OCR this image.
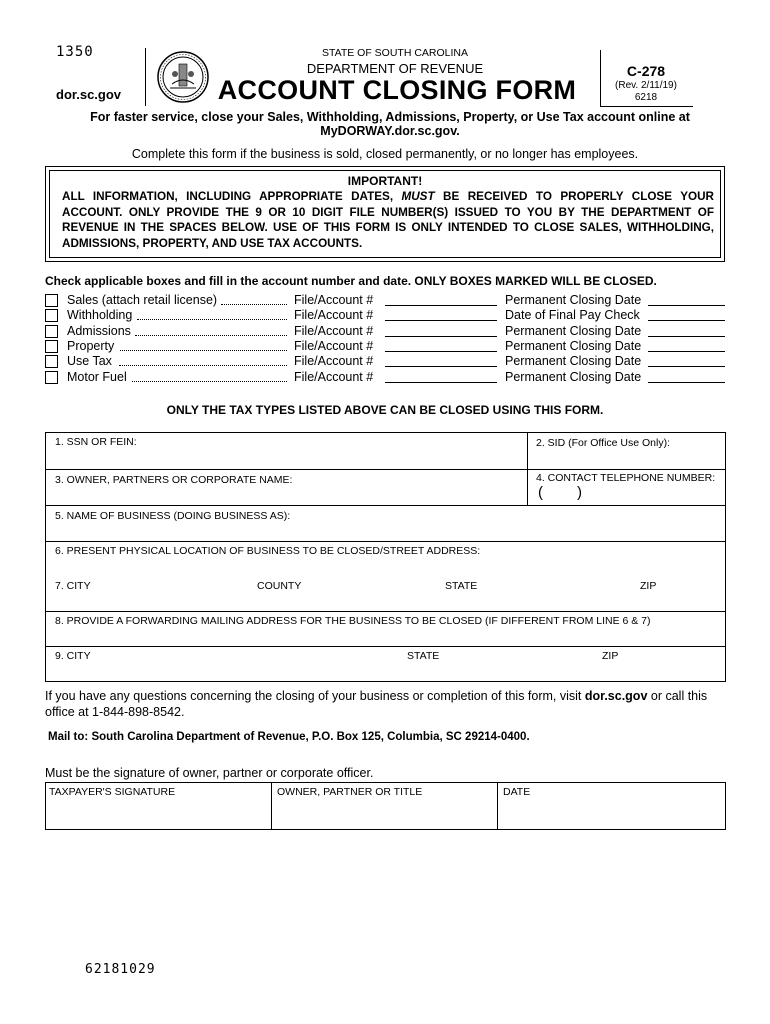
1350
dor.sc.gov
STATE OF SOUTH CAROLINA
DEPARTMENT OF REVENUE
ACCOUNT CLOSING FORM
C-278
(Rev. 2/11/19)
6218
For faster service, close your Sales, Withholding, Admissions, Property, or Use Tax account online at MyDORWAY.dor.sc.gov.
Complete this form if the business is sold, closed permanently, or no longer has employees.
IMPORTANT!
ALL INFORMATION, INCLUDING APPROPRIATE DATES, MUST BE RECEIVED TO PROPERLY CLOSE YOUR ACCOUNT. ONLY PROVIDE THE 9 OR 10 DIGIT FILE NUMBER(S) ISSUED TO YOU BY THE DEPARTMENT OF REVENUE IN THE SPACES BELOW. USE OF THIS FORM IS ONLY INTENDED TO CLOSE SALES, WITHHOLDING, ADMISSIONS, PROPERTY, AND USE TAX ACCOUNTS.
Check applicable boxes and fill in the account number and date. ONLY BOXES MARKED WILL BE CLOSED.
Sales (attach retail license)	File/Account #	Permanent Closing Date
Withholding	File/Account #	Date of Final Pay Check
Admissions	File/Account #	Permanent Closing Date
Property	File/Account #	Permanent Closing Date
Use Tax	File/Account #	Permanent Closing Date
Motor Fuel	File/Account #	Permanent Closing Date
ONLY THE TAX TYPES LISTED ABOVE CAN BE CLOSED USING THIS FORM.
1. SSN OR FEIN:	2. SID (For Office Use Only):
3. OWNER, PARTNERS OR CORPORATE NAME:	4. CONTACT TELEPHONE NUMBER:
( )
5. NAME OF BUSINESS (DOING BUSINESS AS):
6. PRESENT PHYSICAL LOCATION OF BUSINESS TO BE CLOSED/STREET ADDRESS:
7. CITY	COUNTY	STATE	ZIP
8. PROVIDE A FORWARDING MAILING ADDRESS FOR THE BUSINESS TO BE CLOSED (IF DIFFERENT FROM LINE 6 & 7)
9. CITY	STATE	ZIP
If you have any questions concerning the closing of your business or completion of this form, visit dor.sc.gov or call this office at 1-844-898-8542.
Mail to: South Carolina Department of Revenue, P.O. Box 125, Columbia, SC 29214-0400.
Must be the signature of owner, partner or corporate officer.
TAXPAYER'S SIGNATURE	OWNER, PARTNER OR TITLE	DATE
62181029
